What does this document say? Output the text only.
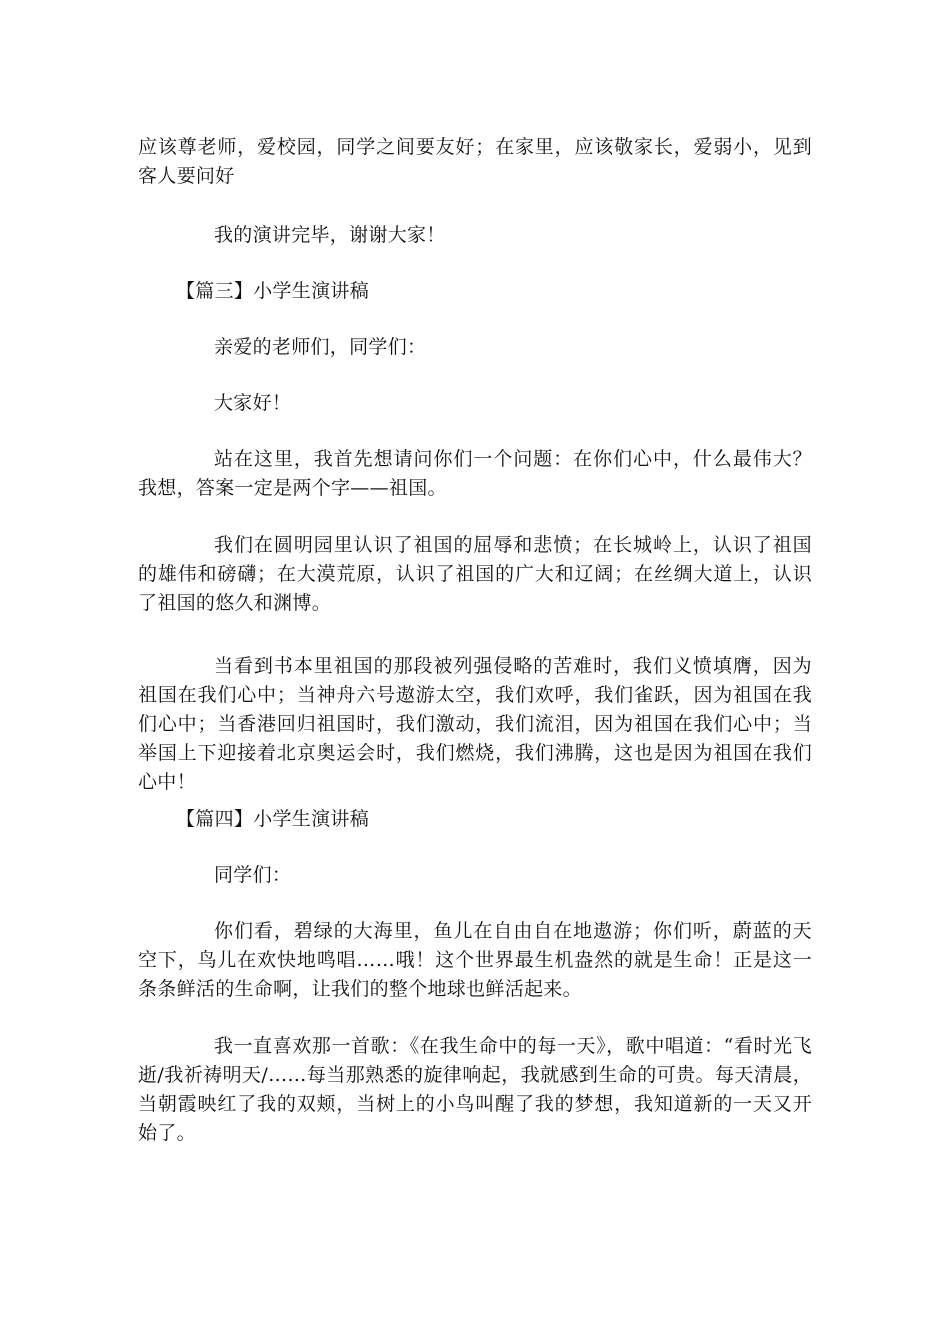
应该尊老师，爱校园，同学之间要友好；在家里，应该敬家长，爱弱小，见到客人要问好

我的演讲完毕，谢谢大家！

【篇三】小学生演讲稿

亲爱的老师们，同学们：

大家好！

站在这里，我首先想请问你们一个问题：在你们心中，什么最伟大？我想，答案一定是两个字——祖国。

我们在圆明园里认识了祖国的屈辱和悲愤；在长城岭上，认识了祖国的雄伟和磅礴；在大漠荒原，认识了祖国的广大和辽阔；在丝绸大道上，认识了祖国的悠久和渊博。

当看到书本里祖国的那段被列强侵略的苦难时，我们义愤填膺，因为祖国在我们心中；当神舟六号遨游太空，我们欢呼，我们雀跃，因为祖国在我们心中；当香港回归祖国时，我们激动，我们流泪，因为祖国在我们心中；当举国上下迎接着北京奥运会时，我们燃烧，我们沸腾，这也是因为祖国在我们心中！

【篇四】小学生演讲稿

同学们：

你们看，碧绿的大海里，鱼儿在自由自在地遨游；你们听，蔚蓝的天空下，鸟儿在欢快地鸣唱……哦！这个世界最生机盎然的就是生命！正是这一条条鲜活的生命啊，让我们的整个地球也鲜活起来。

我一直喜欢那一首歌：《在我生命中的每一天》，歌中唱道：“看时光飞逝/我祈祷明天/……每当那熟悉的旋律响起，我就感到生命的可贵。每天清晨，当朝霞映红了我的双颊，当树上的小鸟叫醒了我的梦想，我知道新的一天又开始了。
